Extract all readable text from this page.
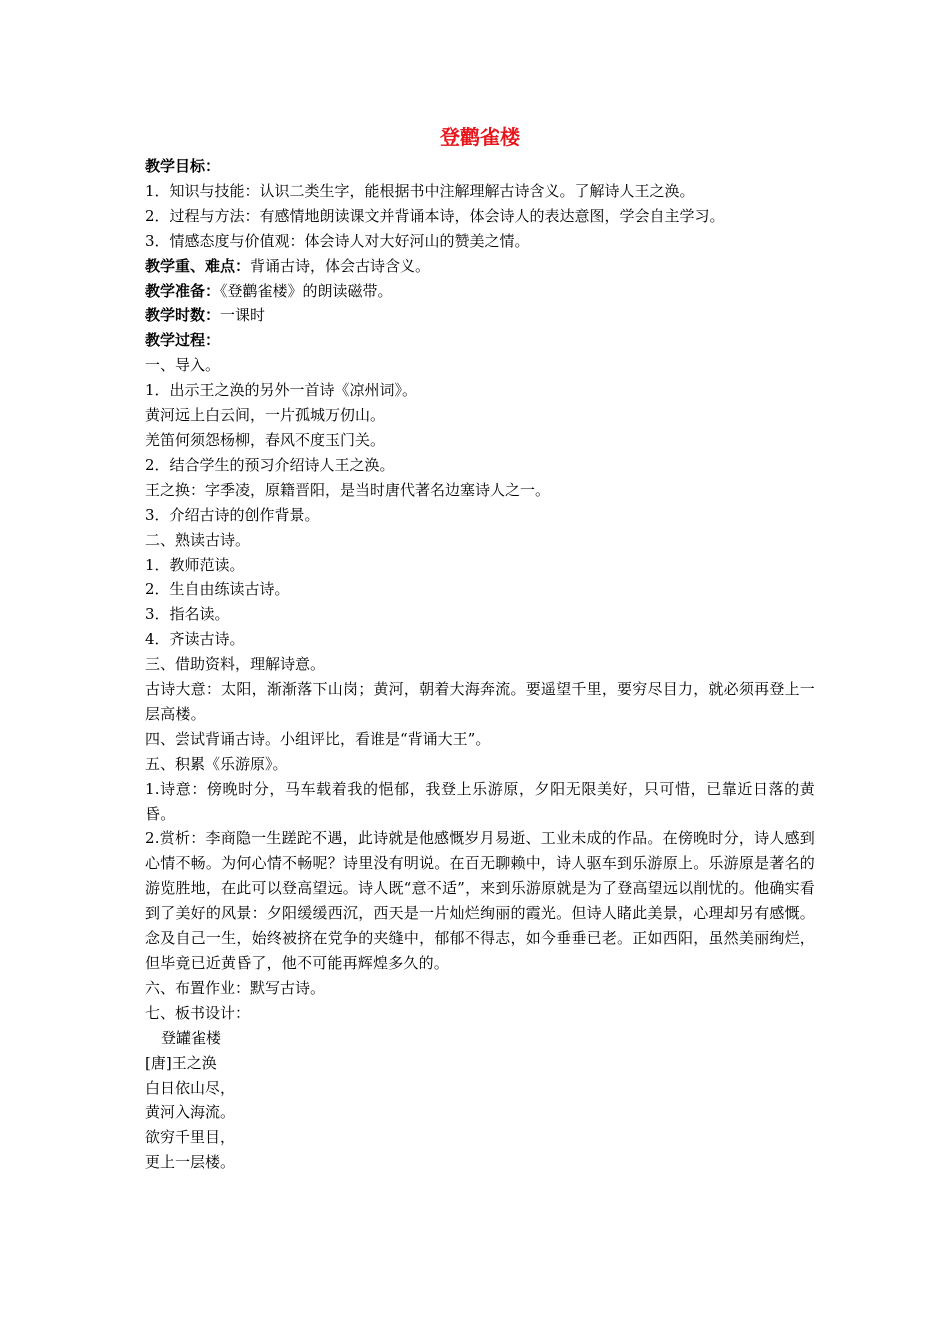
登鹳雀楼
教学目标：
1．知识与技能：认识二类生字，能根据书中注解理解古诗含义。了解诗人王之涣。
2．过程与方法：有感情地朗读课文并背诵本诗，体会诗人的表达意图，学会自主学习。
3．情感态度与价值观：体会诗人对大好河山的赞美之情。
教学重、难点：背诵古诗，体会古诗含义。
教学准备：《登鹳雀楼》的朗读磁带。
教学时数：一课时
教学过程：
一、导入。
1．出示王之涣的另外一首诗《凉州词》。
黄河远上白云间，一片孤城万仞山。
羌笛何须怨杨柳，春风不度玉门关。
2．结合学生的预习介绍诗人王之涣。
王之换：字季凌，原籍晋阳，是当时唐代著名边塞诗人之一。
3．介绍古诗的创作背景。
二、熟读古诗。
1．教师范读。
2．生自由练读古诗。
3．指名读。
4．齐读古诗。
三、借助资料，理解诗意。
古诗大意：太阳，渐渐落下山岗；黄河，朝着大海奔流。要遥望千里，要穷尽目力，就必须再登上一层高楼。
四、尝试背诵古诗。小组评比，看谁是“背诵大王”。
五、积累《乐游原》。
1.诗意：傍晚时分，马车载着我的悒郁，我登上乐游原，夕阳无限美好，只可惜，已靠近日落的黄昏。
2.赏析：李商隐一生蹉跎不遇，此诗就是他感慨岁月易逝、工业未成的作品。在傍晚时分，诗人感到心情不畅。为何心情不畅呢？诗里没有明说。在百无聊赖中，诗人驱车到乐游原上。乐游原是著名的游览胜地，在此可以登高望远。诗人既“意不适”，来到乐游原就是为了登高望远以削忧的。他确实看到了美好的风景：夕阳缓缓西沉，西天是一片灿烂绚丽的霞光。但诗人睹此美景，心理却另有感慨。念及自己一生，始终被挤在党争的夹缝中，郁郁不得志，如今垂垂已老。正如西阳，虽然美丽绚烂，但毕竟已近黄昏了，他不可能再辉煌多久的。
六、布置作业：默写古诗。
七、板书设计：
登罐雀楼
[唐]王之涣
白日依山尽，
黄河入海流。
欲穷千里目，
更上一层楼。
